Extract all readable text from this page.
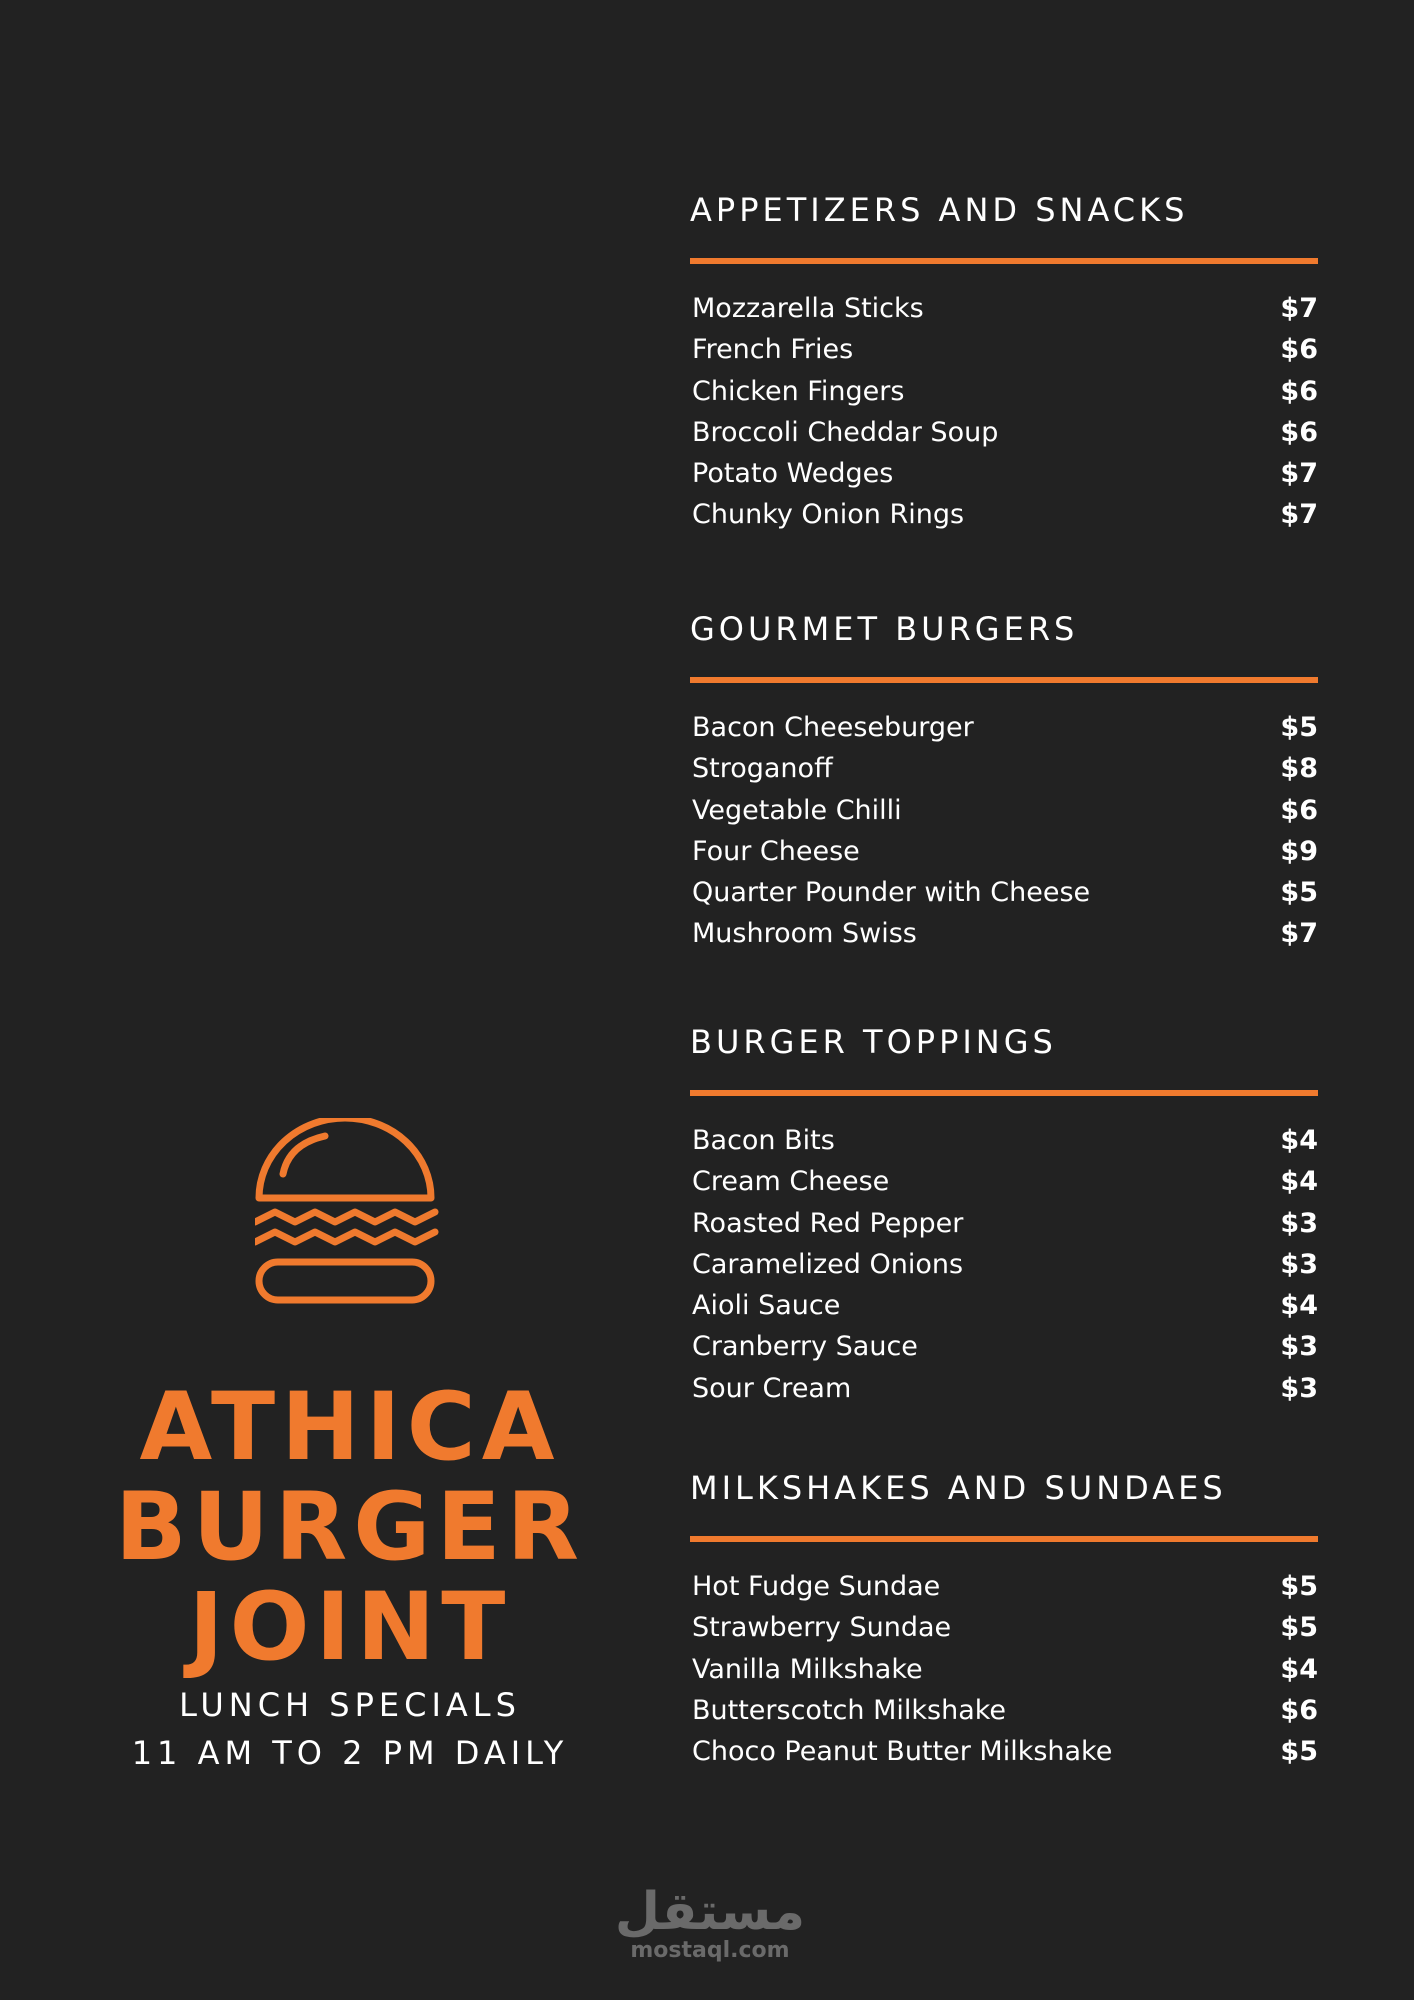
APPETIZERS AND SNACKS
Mozzarella Sticks	$7
French Fries	$6
Chicken Fingers	$6
Broccoli Cheddar Soup	$6
Potato Wedges	$7
Chunky Onion Rings	$7
GOURMET BURGERS
Bacon Cheeseburger	$5
Stroganoff	$8
Vegetable Chilli	$6
Four Cheese	$9
Quarter Pounder with Cheese	$5
Mushroom Swiss	$7
BURGER TOPPINGS
Bacon Bits	$4
Cream Cheese	$4
Roasted Red Pepper	$3
Caramelized Onions	$3
Aioli Sauce	$4
Cranberry Sauce	$3
Sour Cream	$3
MILKSHAKES AND SUNDAES
Hot Fudge Sundae	$5
Strawberry Sundae	$5
Vanilla Milkshake	$4
Butterscotch Milkshake	$6
Choco Peanut Butter Milkshake	$5
ATHICA
BURGER
JOINT
LUNCH SPECIALS
11 AM TO 2 PM DAILY
مستقل
mostaql.com
